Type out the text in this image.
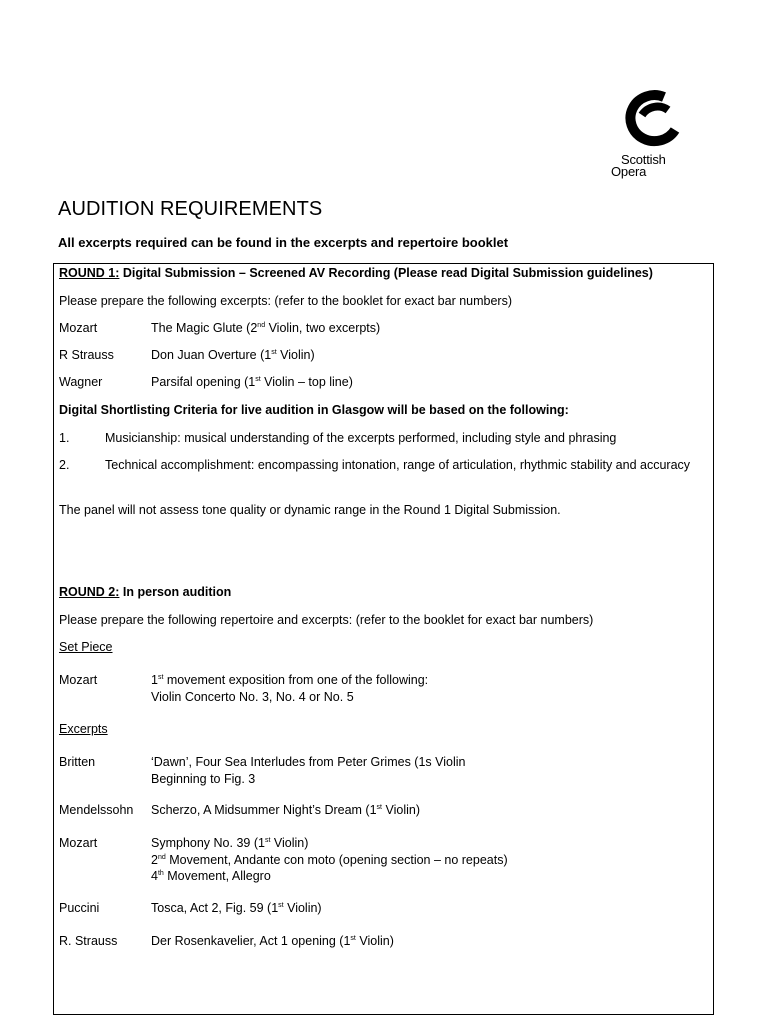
Scottish
Opera
AUDITION REQUIREMENTS
All excerpts required can be found in the excerpts and repertoire booklet
ROUND 1: Digital Submission – Screened AV Recording (Please read Digital Submission guidelines)
Please prepare the following excerpts: (refer to the booklet for exact bar numbers)
Mozart	The Magic Glute (2nd Violin, two excerpts)
R Strauss	Don Juan Overture (1st Violin)
Wagner	Parsifal opening (1st Violin – top line)
Digital Shortlisting Criteria for live audition in Glasgow will be based on the following:
1.	Musicianship: musical understanding of the excerpts performed, including style and phrasing
2.	Technical accomplishment: encompassing intonation, range of articulation, rhythmic stability and accuracy
The panel will not assess tone quality or dynamic range in the Round 1 Digital Submission.
ROUND 2: In person audition
Please prepare the following repertoire and excerpts: (refer to the booklet for exact bar numbers)
Set Piece
Mozart	1st movement exposition from one of the following:
Violin Concerto No. 3, No. 4 or No. 5
Excerpts
Britten	‘Dawn’, Four Sea Interludes from Peter Grimes (1s Violin
Beginning to Fig. 3
Mendelssohn Scherzo, A Midsummer Night’s Dream (1st Violin)
Mozart	Symphony No. 39 (1st Violin)
2nd Movement, Andante con moto (opening section – no repeats)
4th Movement, Allegro
Puccini	Tosca, Act 2, Fig. 59 (1st Violin)
R. Strauss	Der Rosenkavelier, Act 1 opening (1st Violin)
